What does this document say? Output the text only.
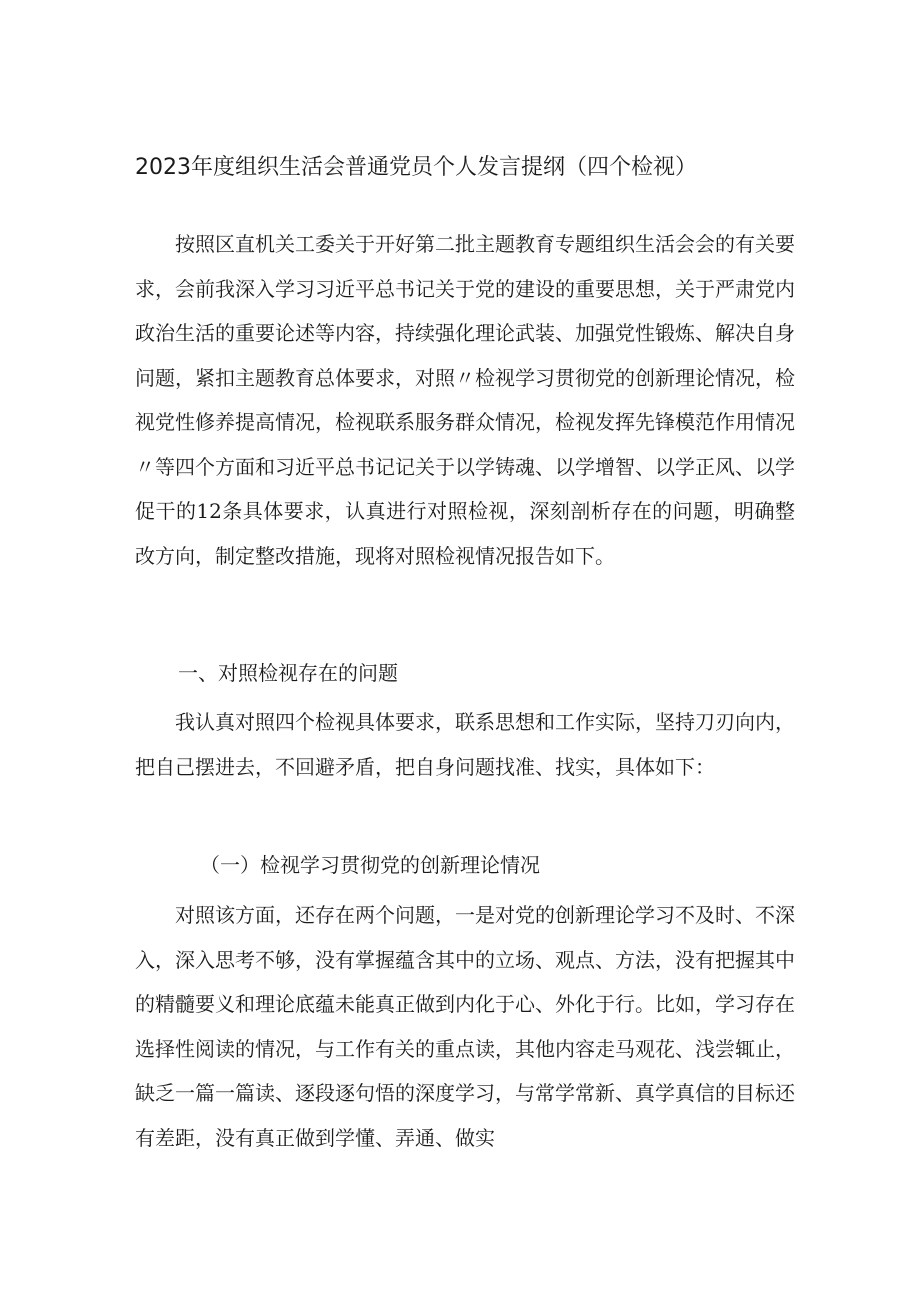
2023年度组织生活会普通党员个人发言提纲（四个检视）
按照区直机关工委关于开好第二批主题教育专题组织生活会会的有关要求，会前我深入学习习近平总书记关于党的建设的重要思想，关于严肃党内政治生活的重要论述等内容，持续强化理论武装、加强党性锻炼、解决自身问题，紧扣主题教育总体要求，对照〃检视学习贯彻党的创新理论情况，检视党性修养提高情况，检视联系服务群众情况，检视发挥先锋模范作用情况〃等四个方面和习近平总书记记关于以学铸魂、以学增智、以学正风、以学促干的12条具体要求，认真进行对照检视，深刻剖析存在的问题，明确整改方向，制定整改措施，现将对照检视情况报告如下。
一、对照检视存在的问题
我认真对照四个检视具体要求，联系思想和工作实际，坚持刀刃向内，把自己摆进去，不回避矛盾，把自身问题找准、找实，具体如下：
（一）检视学习贯彻党的创新理论情况
对照该方面，还存在两个问题，一是对党的创新理论学习不及时、不深入，深入思考不够，没有掌握蕴含其中的立场、观点、方法，没有把握其中的精髓要义和理论底蕴未能真正做到内化于心、外化于行。比如，学习存在选择性阅读的情况，与工作有关的重点读，其他内容走马观花、浅尝辄止，缺乏一篇一篇读、逐段逐句悟的深度学习，与常学常新、真学真信的目标还有差距，没有真正做到学懂、弄通、做实
